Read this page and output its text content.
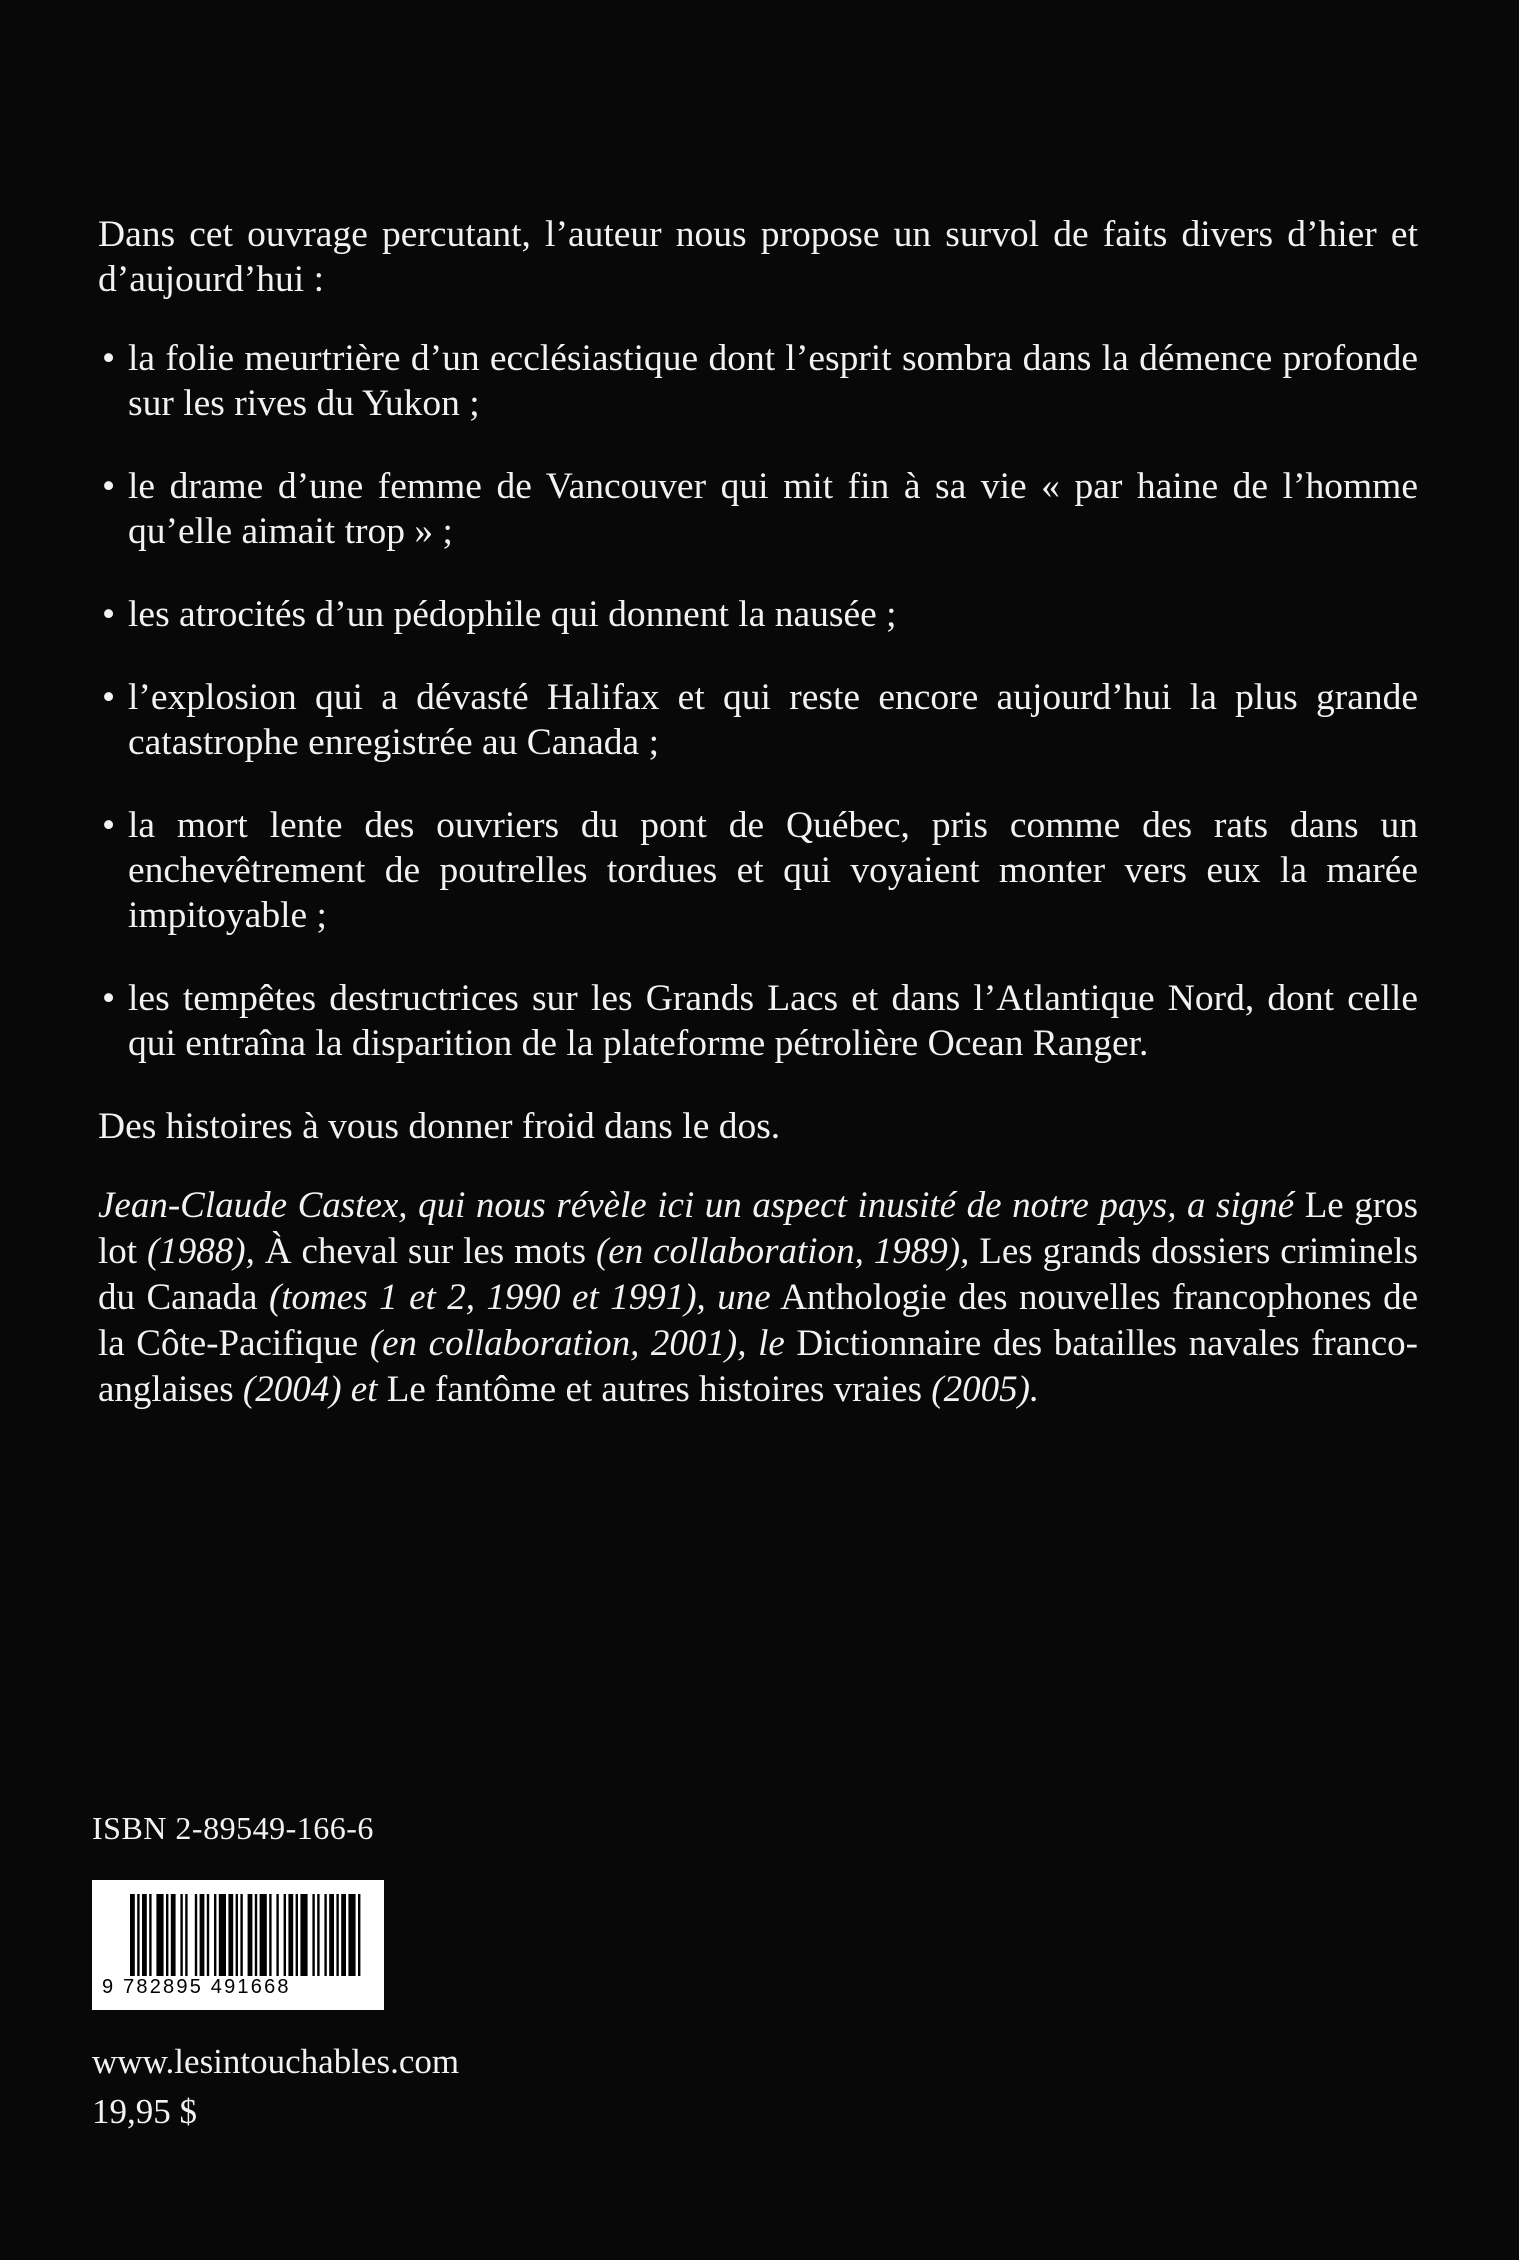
Dans cet ouvrage percutant, l’auteur nous propose un survol de faits divers d’hier et d’aujourd’hui :

• la folie meurtrière d’un ecclésiastique dont l’esprit sombra dans la démence profonde sur les rives du Yukon ;
• le drame d’une femme de Vancouver qui mit fin à sa vie « par haine de l’homme qu’elle aimait trop » ;
• les atrocités d’un pédophile qui donnent la nausée ;
• l’explosion qui a dévasté Halifax et qui reste encore aujourd’hui la plus grande catastrophe enregistrée au Canada ;
• la mort lente des ouvriers du pont de Québec, pris comme des rats dans un enchevêtrement de poutrelles tordues et qui voyaient monter vers eux la marée impitoyable ;
• les tempêtes destructrices sur les Grands Lacs et dans l’Atlantique Nord, dont celle qui entraîna la disparition de la plateforme pétrolière Ocean Ranger.

Des histoires à vous donner froid dans le dos.

Jean-Claude Castex, qui nous révèle ici un aspect inusité de notre pays, a signé Le gros lot (1988), À cheval sur les mots (en collaboration, 1989), Les grands dossiers criminels du Canada (tomes 1 et 2, 1990 et 1991), une Anthologie des nouvelles francophones de la Côte-Pacifique (en collaboration, 2001), le Dictionnaire des batailles navales franco-anglaises (2004) et Le fantôme et autres histoires vraies (2005).

ISBN 2-89549-166-6
9 782895 491668
www.lesintouchables.com
19,95 $
